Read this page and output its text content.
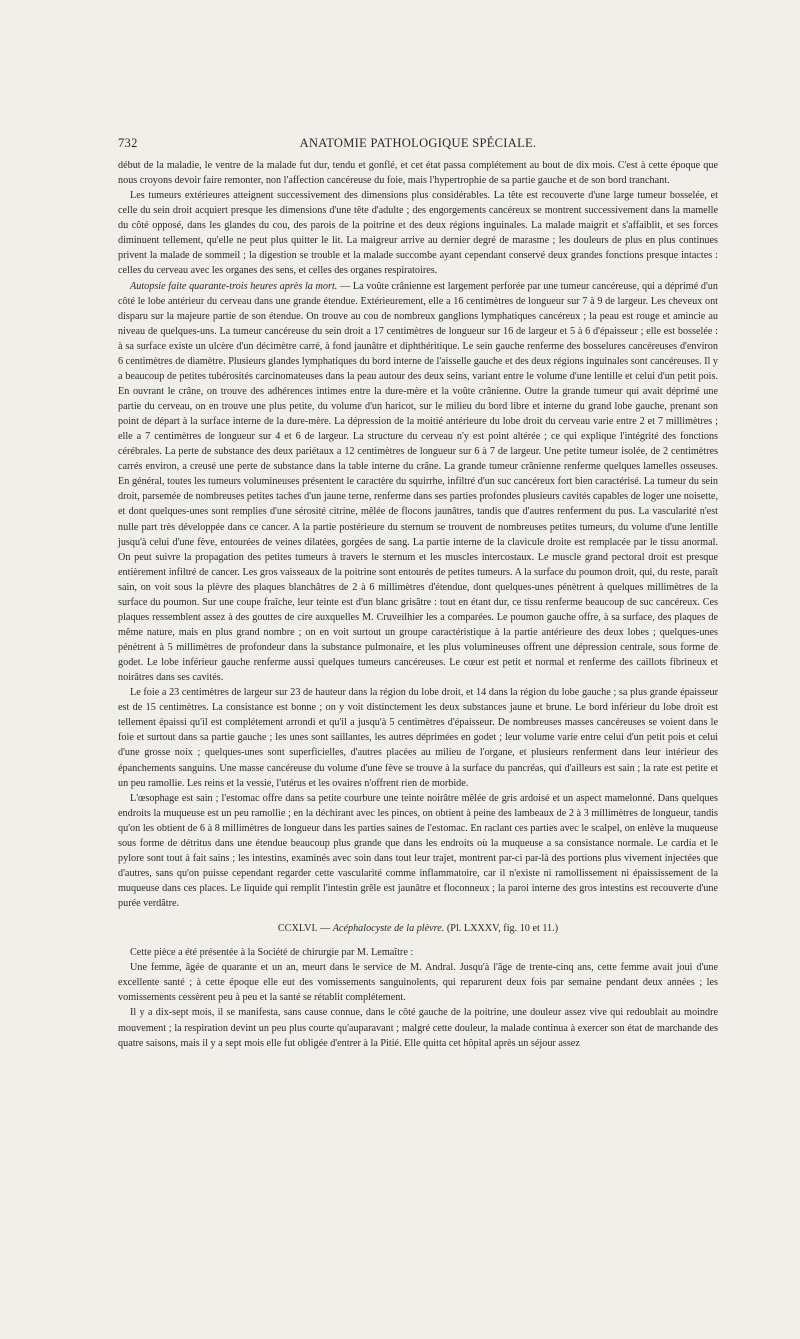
732	ANATOMIE PATHOLOGIQUE SPÉCIALE.

début de la maladie, le ventre de la malade fut dur, tendu et gonflé, et cet état passa complétement au bout de dix mois. C'est à cette époque que nous croyons devoir faire remonter, non l'affection cancéreuse du foie, mais l'hypertrophie de sa partie gauche et de son bord tranchant.

Les tumeurs extérieures atteignent successivement des dimensions plus considérables. La tête est recouverte d'une large tumeur bosselée, et celle du sein droit acquiert presque les dimensions d'une tête d'adulte ; des engorgements cancéreux se montrent successivement dans la mamelle du côté opposé, dans les glandes du cou, des parois de la poitrine et des deux régions inguinales. La malade maigrit et s'affaiblit, et ses forces diminuent tellement, qu'elle ne peut plus quitter le lit. La maigreur arrive au dernier degré de marasme ; les douleurs de plus en plus continues privent la malade de sommeil ; la digestion se trouble et la malade succombe ayant cependant conservé deux grandes fonctions presque intactes : celles du cerveau avec les organes des sens, et celles des organes respiratoires.

Autopsie faite quarante-trois heures après la mort. — La voûte crânienne est largement perforée par une tumeur cancéreuse, qui a déprimé d'un côté le lobe antérieur du cerveau dans une grande étendue. Extérieurement, elle a 16 centimètres de longueur sur 7 à 9 de largeur. Les cheveux ont disparu sur la majeure partie de son étendue. On trouve au cou de nombreux ganglions lymphatiques cancéreux ; la peau est rouge et amincie au niveau de quelques-uns. La tumeur cancéreuse du sein droit a 17 centimètres de longueur sur 16 de largeur et 5 à 6 d'épaisseur ; elle est bosselée : à sa surface existe un ulcère d'un décimètre carré, à fond jaunâtre et diphthéritique. Le sein gauche renferme des bosselures cancéreuses d'environ 6 centimètres de diamètre. Plusieurs glandes lymphatiques du bord interne de l'aisselle gauche et des deux régions inguinales sont cancéreuses. Il y a beaucoup de petites tubérosités carcinomateuses dans la peau autour des deux seins, variant entre le volume d'une lentille et celui d'un petit pois. En ouvrant le crâne, on trouve des adhérences intimes entre la dure-mère et la voûte crânienne. Outre la grande tumeur qui avait déprimé une partie du cerveau, on en trouve une plus petite, du volume d'un haricot, sur le milieu du bord libre et interne du grand lobe gauche, prenant son point de départ à la surface interne de la dure-mère. La dépression de la moitié antérieure du lobe droit du cerveau varie entre 2 et 7 millimètres ; elle a 7 centimètres de longueur sur 4 et 6 de largeur. La structure du cerveau n'y est point altérée ; ce qui explique l'intégrité des fonctions cérébrales. La perte de substance des deux pariétaux a 12 centimètres de longueur sur 6 à 7 de largeur. Une petite tumeur isolée, de 2 centimètres carrés environ, a creusé une perte de substance dans la table interne du crâne. La grande tumeur crânienne renferme quelques lamelles osseuses. En général, toutes les tumeurs volumineuses présentent le caractère du squirrhe, infiltré d'un suc cancéreux fort bien caractérisé. La tumeur du sein droit, parsemée de nombreuses petites taches d'un jaune terne, renferme dans ses parties profondes plusieurs cavités capables de loger une noisette, et dont quelques-unes sont remplies d'une sérosité citrine, mêlée de flocons jaunâtres, tandis que d'autres renferment du pus. La vascularité n'est nulle part très développée dans ce cancer. A la partie postérieure du sternum se trouvent de nombreuses petites tumeurs, du volume d'une lentille jusqu'à celui d'une fève, entourées de veines dilatées, gorgées de sang. La partie interne de la clavicule droite est remplacée par le tissu anormal. On peut suivre la propagation des petites tumeurs à travers le sternum et les muscles intercostaux. Le muscle grand pectoral droit est presque entièrement infiltré de cancer. Les gros vaisseaux de la poitrine sont entourés de petites tumeurs. A la surface du poumon droit, qui, du reste, paraît sain, on voit sous la plèvre des plaques blanchâtres de 2 à 6 millimètres d'étendue, dont quelques-unes pénètrent à quelques millimètres de la surface du poumon. Sur une coupe fraîche, leur teinte est d'un blanc grisâtre : tout en étant dur, ce tissu renferme beaucoup de suc cancéreux. Ces plaques ressemblent assez à des gouttes de cire auxquelles M. Cruveilhier les a comparées. Le poumon gauche offre, à sa surface, des plaques de même nature, mais en plus grand nombre ; on en voit surtout un groupe caractéristique à la partie antérieure des deux lobes ; quelques-unes pénètrent à 5 millimètres de profondeur dans la substance pulmonaire, et les plus volumineuses offrent une dépression centrale, sous forme de godet. Le lobe inférieur gauche renferme aussi quelques tumeurs cancéreuses. Le cœur est petit et normal et renferme des caillots fibrineux et noirâtres dans ses cavités.

Le foie a 23 centimètres de largeur sur 23 de hauteur dans la région du lobe droit, et 14 dans la région du lobe gauche ; sa plus grande épaisseur est de 15 centimètres. La consistance est bonne ; on y voit distinctement les deux substances jaune et brune. Le bord inférieur du lobe droit est tellement épaissi qu'il est complétement arrondi et qu'il a jusqu'à 5 centimètres d'épaisseur. De nombreuses masses cancéreuses se voient dans le foie et surtout dans sa partie gauche ; les unes sont saillantes, les autres déprimées en godet ; leur volume varie entre celui d'un petit pois et celui d'une grosse noix ; quelques-unes sont superficielles, d'autres placées au milieu de l'organe, et plusieurs renferment dans leur intérieur des épanchements sanguins. Une masse cancéreuse du volume d'une fève se trouve à la surface du pancréas, qui d'ailleurs est sain ; la rate est petite et un peu ramollie. Les reins et la vessie, l'utérus et les ovaires n'offrent rien de morbide.

L'œsophage est sain ; l'estomac offre dans sa petite courbure une teinte noirâtre mêlée de gris ardoisé et un aspect mamelonné. Dans quelques endroits la muqueuse est un peu ramollie ; en la déchirant avec les pinces, on obtient à peine des lambeaux de 2 à 3 millimètres de longueur, tandis qu'on les obtient de 6 à 8 millimètres de longueur dans les parties saines de l'estomac. En raclant ces parties avec le scalpel, on enlève la muqueuse sous forme de détritus dans une étendue beaucoup plus grande que dans les endroits où la muqueuse a sa consistance normale. Le cardia et le pylore sont tout à fait sains ; les intestins, examinés avec soin dans tout leur trajet, montrent par-ci par-là des portions plus vivement injectées que d'autres, sans qu'on puisse cependant regarder cette vascularité comme inflammatoire, car il n'existe ni ramollissement ni épaississement de la muqueuse dans ces places. Le liquide qui remplit l'intestin grêle est jaunâtre et floconneux ; la paroi interne des gros intestins est recouverte d'une purée verdâtre.

CCXLVI. — Acéphalocyste de la plèvre. (Pl. LXXXV, fig. 10 et 11.)

Cette pièce a été présentée à la Société de chirurgie par M. Lemaître :

Une femme, âgée de quarante et un an, meurt dans le service de M. Andral. Jusqu'à l'âge de trente-cinq ans, cette femme avait joui d'une excellente santé ; à cette époque elle eut des vomissements sanguinolents, qui reparurent deux fois par semaine pendant deux années ; les vomissements cessèrent peu à peu et la santé se rétablit complétement.

Il y a dix-sept mois, il se manifesta, sans cause connue, dans le côté gauche de la poitrine, une douleur assez vive qui redoublait au moindre mouvement ; la respiration devint un peu plus courte qu'auparavant ; malgré cette douleur, la malade continua à exercer son état de marchande des quatre saisons, mais il y a sept mois elle fut obligée d'entrer à la Pitié. Elle quitta cet hôpital après un séjour assez
